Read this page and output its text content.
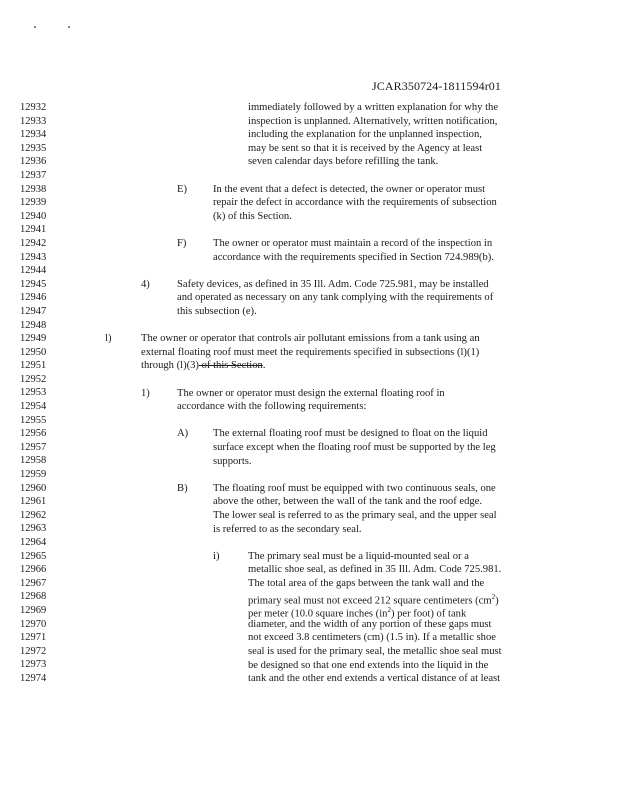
JCAR350724-1811594r01
12932
12933
12934
12935
12936
12937
12938
12939
12940
12941
12942
12943
12944
12945
12946
12947
12948
12949
12950
12951
12952
12953
12954
12955
12956
12957
12958
12959
12960
12961
12962
12963
12964
12965
12966
12967
12968
12969
12970
12971
12972
12973
12974
immediately followed by a written explanation for why the
inspection is unplanned. Alternatively, written notification,
including the explanation for the unplanned inspection,
may be sent so that it is received by the Agency at least
seven calendar days before refilling the tank.
E) In the event that a defect is detected, the owner or operator must
repair the defect in accordance with the requirements of subsection
(k) of this Section.
F)	The owner or operator must maintain a record of the inspection in
accordance with the requirements specified in Section 724.989(b).
4)	Safety devices, as defined in 35 Ill. Adm. Code 725.981, may be installed
and operated as necessary on any tank complying with the requirements of
this subsection (e).
l)	The owner or operator that controls air pollutant emissions from a tank using an
external floating roof must meet the requirements specified in subsections (l)(1)
through (l)(3) of this Section.
1)	The owner or operator must design the external floating roof in
accordance with the following requirements:
A) The external floating roof must be designed to float on the liquid
surface except when the floating roof must be supported by the leg
supports.
B) The floating roof must be equipped with two continuous seals, one
above the other, between the wall of the tank and the roof edge.
The lower seal is referred to as the primary seal, and the upper seal
is referred to as the secondary seal.
i)	The primary seal must be a liquid-mounted seal or a
metallic shoe seal, as defined in 35 Ill. Adm. Code 725.981.
The total area of the gaps between the tank wall and the
primary seal must not exceed 212 square centimeters $(cm^2)$
per meter (10.0 square inches $(in^2)$ per foot) of tank
diameter, and the width of any portion of these gaps must
not exceed 3.8 centimeters (cm) (1.5 in). If a metallic shoe
seal is used for the primary seal, the metallic shoe seal must
be designed so that one end extends into the liquid in the
tank and the other end extends a vertical distance of at least
